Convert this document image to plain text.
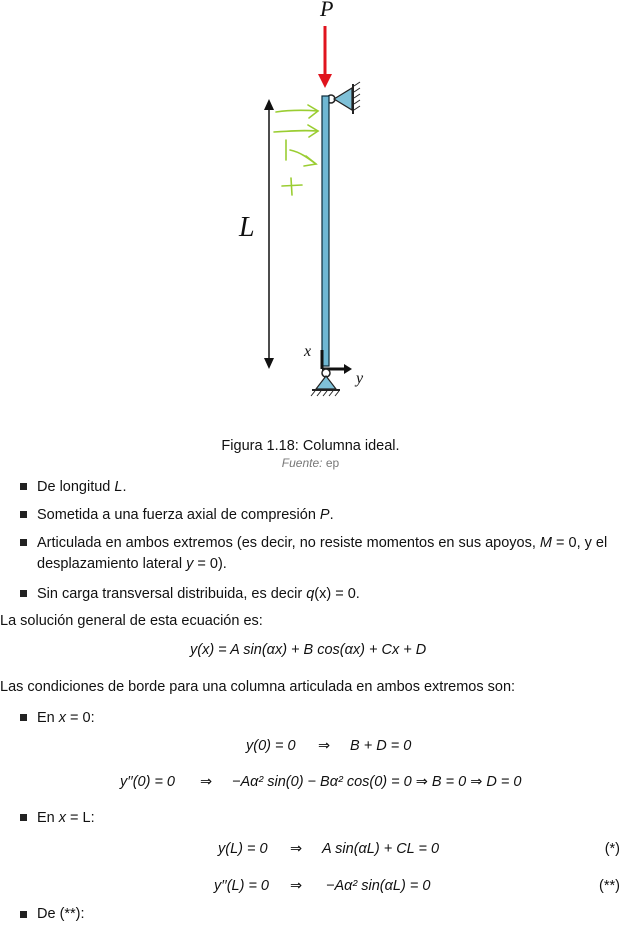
P
L
x
y
Figura 1.18: Columna ideal.
Fuente: ep
De longitud L.
Sometida a una fuerza axial de compresión P.
Articulada en ambos extremos (es decir, no resiste momentos en sus apoyos, M = 0, y el
desplazamiento lateral y = 0).
Sin carga transversal distribuida, es decir q(x) = 0.
La solución general de esta ecuación es:
y(x) = A sin(αx) + B cos(αx) + Cx + D
Las condiciones de borde para una columna articulada en ambos extremos son:
En x = 0:
y(0) = 0 ⇒ B + D = 0
y′′(0) = 0 ⇒ −Aα² sin(0) − Bα² cos(0) = 0 ⇒ B = 0 ⇒ D = 0
En x = L:
y(L) = 0 ⇒ A sin(αL) + CL = 0	(*)
y′′(L) = 0 ⇒ −Aα² sin(αL) = 0	(**)
De (**):
